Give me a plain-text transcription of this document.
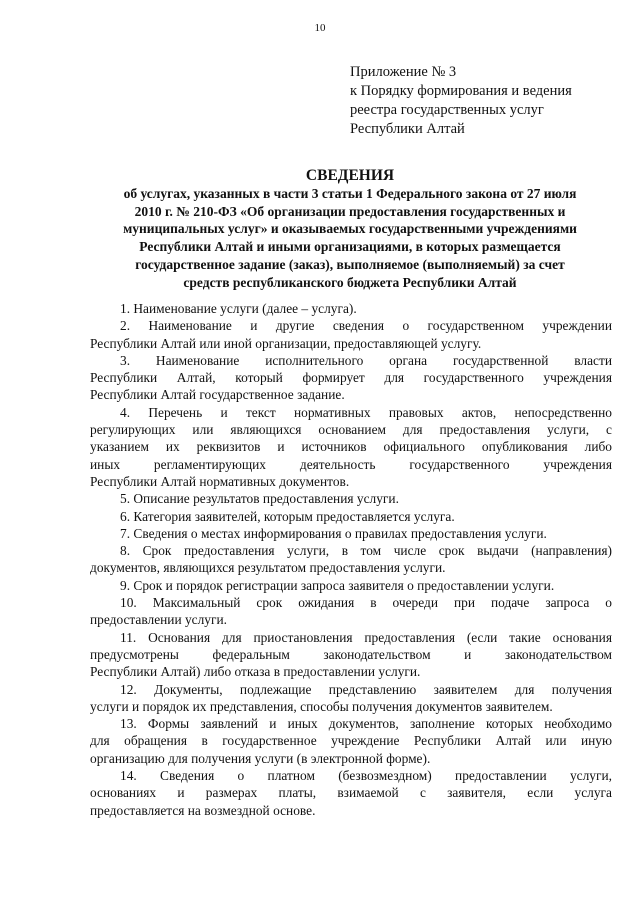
10
Приложение № 3
к Порядку формирования и ведения
реестра государственных услуг
Республики Алтай
СВЕДЕНИЯ
об услугах, указанных в части 3 статьи 1 Федерального закона от 27 июля
2010 г. № 210-ФЗ «Об организации предоставления государственных и
муниципальных услуг» и оказываемых государственными учреждениями
Республики Алтай и иными организациями, в которых размещается
государственное задание (заказ), выполняемое (выполняемый) за счет
средств республиканского бюджета Республики Алтай
1. Наименование услуги (далее – услуга).
2. Наименование и другие сведения о государственном учреждении
Республики Алтай или иной организации, предоставляющей услугу.
3. Наименование исполнительного органа государственной власти
Республики Алтай, который формирует для государственного учреждения
Республики Алтай государственное задание.
4. Перечень и текст нормативных правовых актов, непосредственно
регулирующих или являющихся основанием для предоставления услуги, с
указанием их реквизитов и источников официального опубликования либо
иных регламентирующих деятельность государственного учреждения
Республики Алтай нормативных документов.
5. Описание результатов предоставления услуги.
6. Категория заявителей, которым предоставляется услуга.
7. Сведения о местах информирования о правилах предоставления услуги.
8. Срок предоставления услуги, в том числе срок выдачи (направления)
документов, являющихся результатом предоставления услуги.
9. Срок и порядок регистрации запроса заявителя о предоставлении услуги.
10. Максимальный срок ожидания в очереди при подаче запроса о
предоставлении услуги.
11. Основания для приостановления предоставления (если такие основания
предусмотрены федеральным законодательством и законодательством
Республики Алтай) либо отказа в предоставлении услуги.
12. Документы, подлежащие представлению заявителем для получения
услуги и порядок их представления, способы получения документов заявителем.
13. Формы заявлений и иных документов, заполнение которых необходимо
для обращения в государственное учреждение Республики Алтай или иную
организацию для получения услуги (в электронной форме).
14. Сведения о платном (безвозмездном) предоставлении услуги,
основаниях и размерах платы, взимаемой с заявителя, если услуга
предоставляется на возмездной основе.
